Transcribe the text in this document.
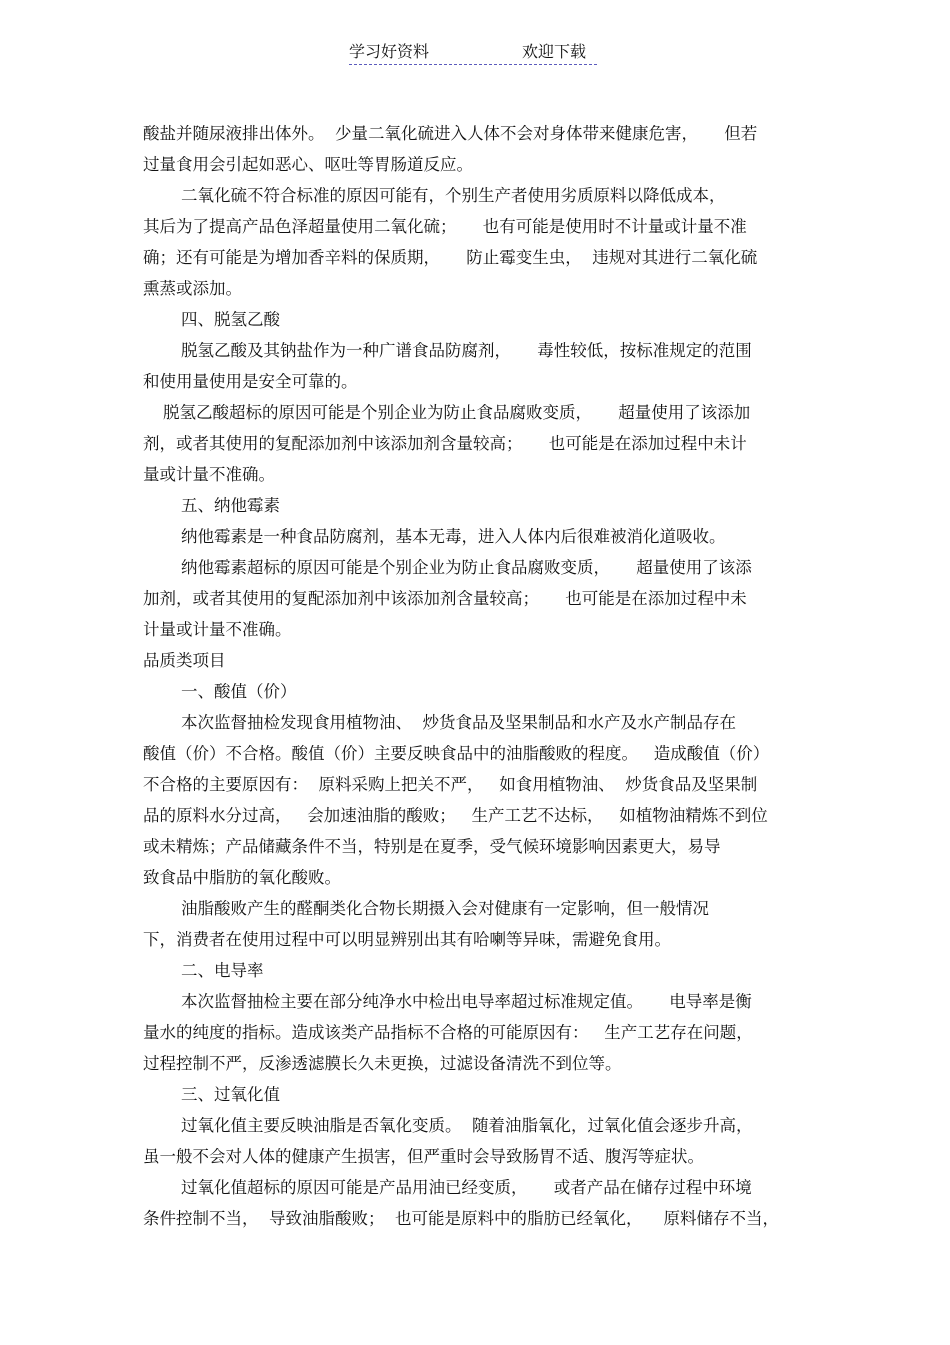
学习好资料	欢迎下载

酸盐并随尿液排出体外。  少量二氧化硫进入人体不会对身体带来健康危害，     但若

过量食用会引起如恶心、呕吐等胃肠道反应。

二氧化硫不符合标准的原因可能有，个别生产者使用劣质原料以降低成本，

其后为了提高产品色泽超量使用二氧化硫；     也有可能是使用时不计量或计量不准

确；还有可能是为增加香辛料的保质期，     防止霉变生虫，  违规对其进行二氧化硫

熏蒸或添加。

四、脱氢乙酸

脱氢乙酸及其钠盐作为一种广谱食品防腐剂，     毒性较低，按标准规定的范围

和使用量使用是安全可靠的。

脱氢乙酸超标的原因可能是个别企业为防止食品腐败变质，     超量使用了该添加

剂，或者其使用的复配添加剂中该添加剂含量较高；     也可能是在添加过程中未计

量或计量不准确。

五、纳他霉素

纳他霉素是一种食品防腐剂，基本无毒，进入人体内后很难被消化道吸收。

纳他霉素超标的原因可能是个别企业为防止食品腐败变质，     超量使用了该添

加剂，或者其使用的复配添加剂中该添加剂含量较高；     也可能是在添加过程中未

计量或计量不准确。

品质类项目

一、酸值（价）

本次监督抽检发现食用植物油、  炒货食品及坚果制品和水产及水产制品存在

酸值（价）不合格。酸值（价）主要反映食品中的油脂酸败的程度。   造成酸值（价）

不合格的主要原因有：  原料采购上把关不严，   如食用植物油、  炒货食品及坚果制

品的原料水分过高，   会加速油脂的酸败；   生产工艺不达标，   如植物油精炼不到位

或未精炼；产品储藏条件不当，特别是在夏季，受气候环境影响因素更大，易导

致食品中脂肪的氧化酸败。

油脂酸败产生的醛酮类化合物长期摄入会对健康有一定影响，但一般情况

下，消费者在使用过程中可以明显辨别出其有哈喇等异味，需避免食用。

二、电导率

本次监督抽检主要在部分纯净水中检出电导率超过标准规定值。     电导率是衡

量水的纯度的指标。造成该类产品指标不合格的可能原因有：   生产工艺存在问题，

过程控制不严，反渗透滤膜长久未更换，过滤设备清洗不到位等。

三、过氧化值

过氧化值主要反映油脂是否氧化变质。  随着油脂氧化，过氧化值会逐步升高，

虽一般不会对人体的健康产生损害，但严重时会导致肠胃不适、腹泻等症状。

过氧化值超标的原因可能是产品用油已经变质，     或者产品在储存过程中环境

条件控制不当，  导致油脂酸败；  也可能是原料中的脂肪已经氧化，    原料储存不当，
